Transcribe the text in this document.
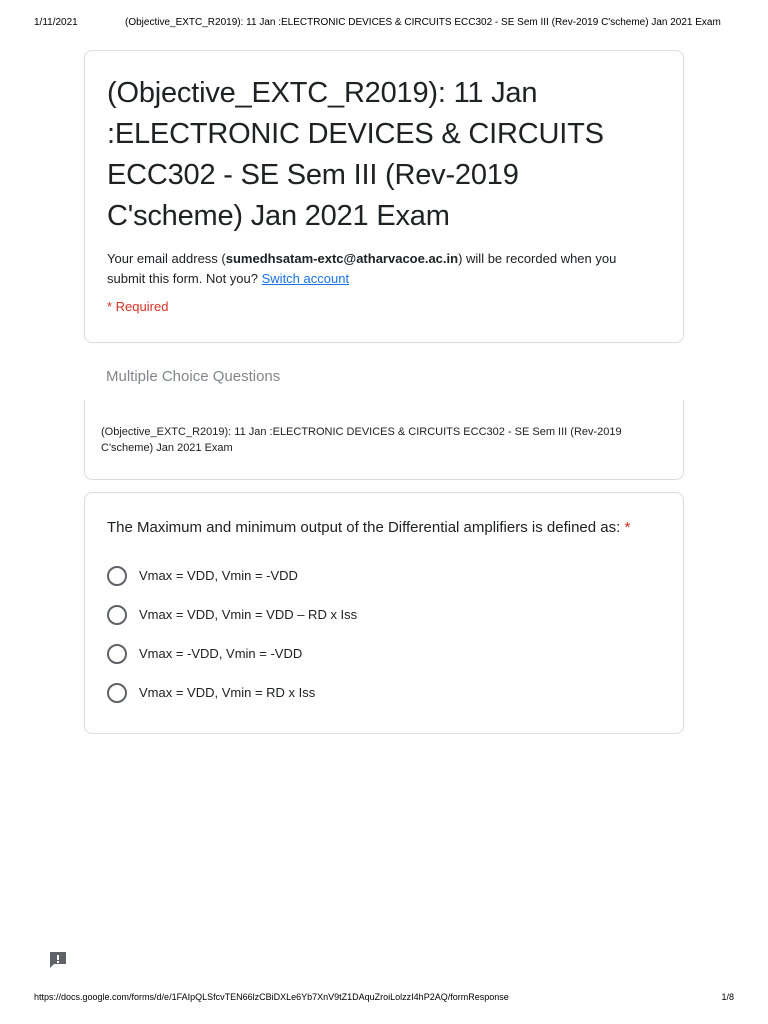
1/11/2021	(Objective_EXTC_R2019): 11 Jan :ELECTRONIC DEVICES & CIRCUITS ECC302 - SE Sem III (Rev-2019 C'scheme) Jan 2021 Exam
(Objective_EXTC_R2019): 11 Jan :ELECTRONIC DEVICES & CIRCUITS ECC302 - SE Sem III (Rev-2019 C'scheme) Jan 2021 Exam
Your email address (sumedhsatam-extc@atharvacoe.ac.in) will be recorded when you submit this form. Not you? Switch account
* Required
Multiple Choice Questions
(Objective_EXTC_R2019): 11 Jan :ELECTRONIC DEVICES & CIRCUITS ECC302 - SE Sem III (Rev-2019 C'scheme) Jan 2021 Exam
The Maximum and minimum output of the Differential amplifiers is defined as: *
Vmax = VDD, Vmin = -VDD
Vmax = VDD, Vmin = VDD – RD x Iss
Vmax = -VDD, Vmin = -VDD
Vmax = VDD, Vmin = RD x Iss
https://docs.google.com/forms/d/e/1FAIpQLSfcvTEN66lzCBiDXLe6Yb7XnV9tZ1DAquZroiLolzzI4hP2AQ/formResponse	1/8
